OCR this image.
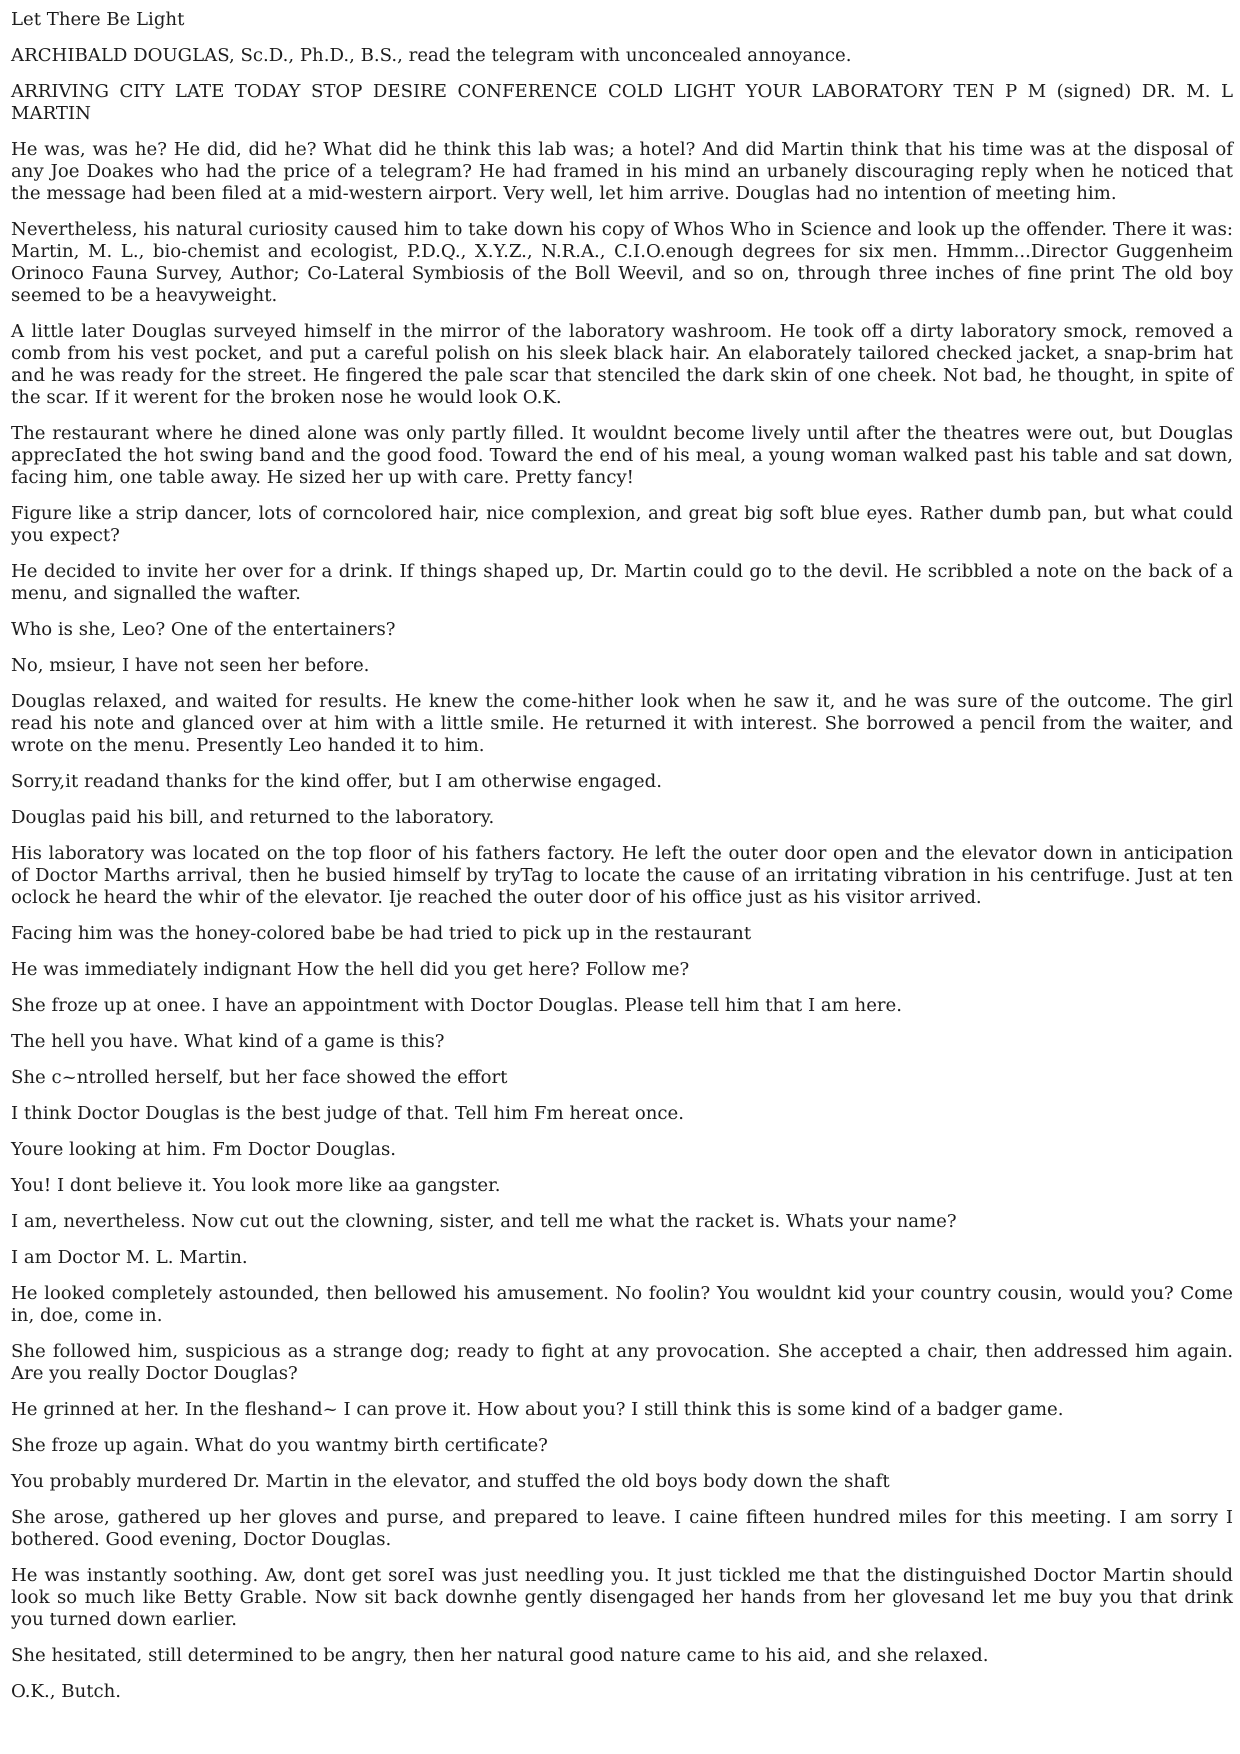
Let There Be Light

ARCHIBALD DOUGLAS, Sc.D., Ph.D., B.S., read the telegram with unconcealed annoyance.

ARRIVING CITY LATE TODAY STOP DESIRE CONFERENCE COLD LIGHT YOUR LABORATORY TEN P M (signed) DR. M. L MARTIN

He was, was he? He did, did he? What did he think this lab was; a hotel? And did Martin think that his time was at the disposal of any Joe Doakes who had the price of a telegram? He had framed in his mind an urbanely discouraging reply when he noticed that the message had been filed at a mid-western airport. Very well, let him arrive. Douglas had no intention of meeting him.

Nevertheless, his natural curiosity caused him to take down his copy of Whos Who in Science and look up the offender. There it was: Martin, M. L., bio-chemist and ecologist, P.D.Q., X.Y.Z., N.R.A., C.I.O.enough degrees for six men. Hmmm...Director Guggenheim Orinoco Fauna Survey, Author; Co-Lateral Symbiosis of the Boll Weevil, and so on, through three inches of fine print The old boy seemed to be a heavyweight.

A little later Douglas surveyed himself in the mirror of the laboratory washroom. He took off a dirty laboratory smock, removed a comb from his vest pocket, and put a careful polish on his sleek black hair. An elaborately tailored checked jacket, a snap-brim hat and he was ready for the street. He fingered the pale scar that stenciled the dark skin of one cheek. Not bad, he thought, in spite of the scar. If it werent for the broken nose he would look O.K.

The restaurant where he dined alone was only partly filled. It wouldnt become lively until after the theatres were out, but Douglas apprecIated the hot swing band and the good food. Toward the end of his meal, a young woman walked past his table and sat down, facing him, one table away. He sized her up with care. Pretty fancy!

Figure like a strip dancer, lots of corncolored hair, nice complexion, and great big soft blue eyes. Rather dumb pan, but what could you expect?

He decided to invite her over for a drink. If things shaped up, Dr. Martin could go to the devil. He scribbled a note on the back of a menu, and signalled the wafter.

Who is she, Leo? One of the entertainers?

No, msieur, I have not seen her before.

Douglas relaxed, and waited for results. He knew the come-hither look when he saw it, and he was sure of the outcome. The girl read his note and glanced over at him with a little smile. He returned it with interest. She borrowed a pencil from the waiter, and wrote on the menu. Presently Leo handed it to him.

Sorry,it readand thanks for the kind offer, but I am otherwise engaged.

Douglas paid his bill, and returned to the laboratory.

His laboratory was located on the top floor of his fathers factory. He left the outer door open and the elevator down in anticipation of Doctor Marths arrival, then he busied himself by tryTag to locate the cause of an irritating vibration in his centrifuge. Just at ten oclock he heard the whir of the elevator. Ije reached the outer door of his office just as his visitor arrived.

Facing him was the honey-colored babe be had tried to pick up in the restaurant

He was immediately indignant How the hell did you get here? Follow me?

She froze up at onee. I have an appointment with Doctor Douglas. Please tell him that I am here.

The hell you have. What kind of a game is this?

She c~ntrolled herself, but her face showed the effort

I think Doctor Douglas is the best judge of that. Tell him Fm hereat once.

Youre looking at him. Fm Doctor Douglas.

You! I dont believe it. You look more like aa gangster.

I am, nevertheless. Now cut out the clowning, sister, and tell me what the racket is. Whats your name?

I am Doctor M. L. Martin.

He looked completely astounded, then bellowed his amusement. No foolin? You wouldnt kid your country cousin, would you? Come in, doe, come in.

She followed him, suspicious as a strange dog; ready to fight at any provocation. She accepted a chair, then addressed him again. Are you really Doctor Douglas?

He grinned at her. In the fleshand~ I can prove it. How about you? I still think this is some kind of a badger game.

She froze up again. What do you wantmy birth certificate?

You probably murdered Dr. Martin in the elevator, and stuffed the old boys body down the shaft

She arose, gathered up her gloves and purse, and prepared to leave. I caine fifteen hundred miles for this meeting. I am sorry I bothered. Good evening, Doctor Douglas.

He was instantly soothing. Aw, dont get soreI was just needling you. It just tickled me that the distinguished Doctor Martin should look so much like Betty Grable. Now sit back downhe gently disengaged her hands from her glovesand let me buy you that drink you turned down earlier.

She hesitated, still determined to be angry, then her natural good nature came to his aid, and she relaxed.

O.K., Butch.
